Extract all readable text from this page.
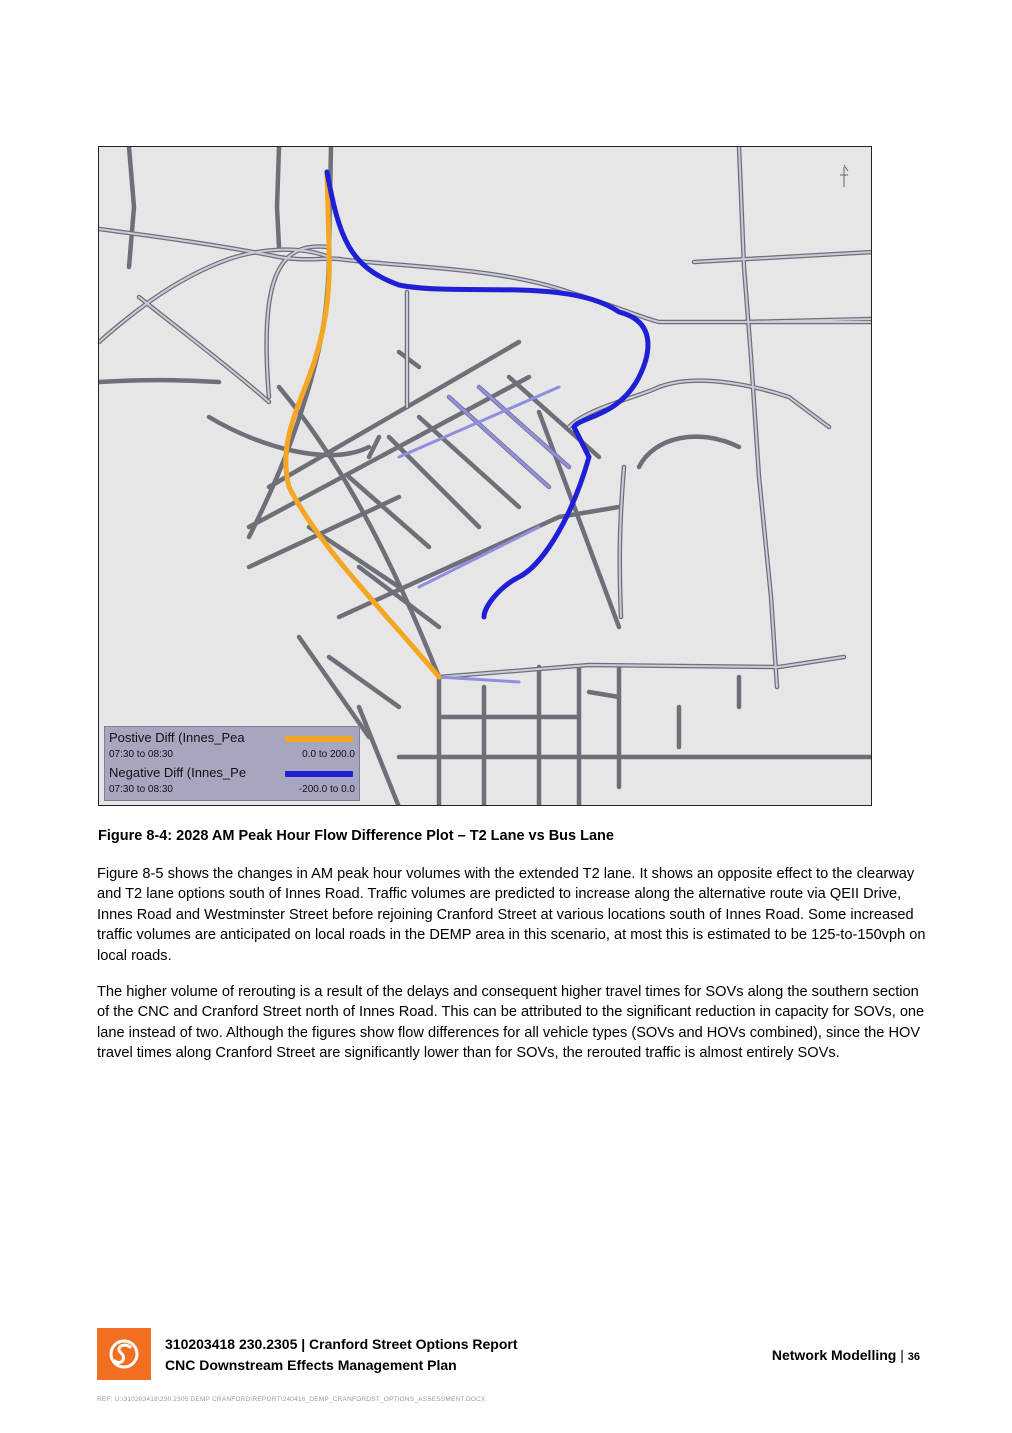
Postive Diff (Innes_Pea
07:30 to 08:30	0.0 to 200.0
Negative Diff (Innes_Pe
07:30 to 08:30	-200.0 to 0.0
Figure 8-4: 2028 AM Peak Hour Flow Difference Plot – T2 Lane vs Bus Lane

Figure 8-5 shows the changes in AM peak hour volumes with the extended T2 lane. It shows an opposite effect to the clearway and T2 lane options south of Innes Road. Traffic volumes are predicted to increase along the alternative route via QEII Drive, Innes Road and Westminster Street before rejoining Cranford Street at various locations south of Innes Road. Some increased traffic volumes are anticipated on local roads in the DEMP area in this scenario, at most this is estimated to be 125-to-150vph on local roads.

The higher volume of rerouting is a result of the delays and consequent higher travel times for SOVs along the southern section of the CNC and Cranford Street north of Innes Road. This can be attributed to the significant reduction in capacity for SOVs, one lane instead of two. Although the figures show flow differences for all vehicle types (SOVs and HOVs combined), since the HOV travel times along Cranford Street are significantly lower than for SOVs, the rerouted traffic is almost entirely SOVs.

310203418 230.2305 | Cranford Street Options Report
CNC Downstream Effects Management Plan
Network Modelling | 36
REF: U:\310203418\230.2305 DEMP CRANFORD\REPORT\240416_DEMP_CRANFORDST_OPTIONS_ASSESSMENT.DOCX
